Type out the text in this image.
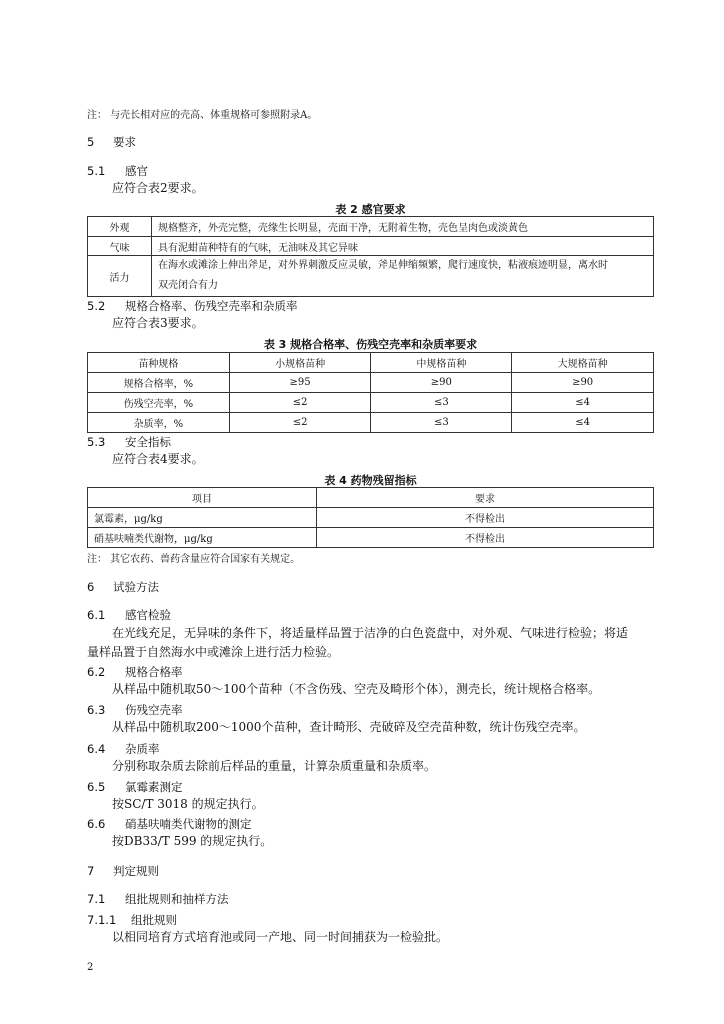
注： 与壳长相对应的壳高、体重规格可参照附录A。
5 要求
5.1 感官
应符合表2要求。
表 2 感官要求
外观	规格整齐，外壳完整，壳缘生长明显，壳面干净，无附着生物，壳色呈肉色或淡黄色
气味	具有泥蚶苗种特有的气味，无油味及其它异味
活力	在海水或滩涂上伸出斧足，对外界刺激反应灵敏，斧足伸缩频繁，爬行速度快，粘液痕迹明显，离水时
双壳闭合有力
5.2 规格合格率、伤残空壳率和杂质率
应符合表3要求。
表 3 规格合格率、伤残空壳率和杂质率要求
苗种规格	小规格苗种	中规格苗种	大规格苗种
规格合格率，%	≥95	≥90	≥90
伤残空壳率，%	≤2	≤3	≤4
杂质率，%	≤2	≤3	≤4
5.3 安全指标
应符合表4要求。
表 4 药物残留指标
项目	要求
氯霉素，μg/kg	不得检出
硝基呋喃类代谢物，μg/kg	不得检出
注： 其它农药、兽药含量应符合国家有关规定。
6 试验方法
6.1 感官检验
在光线充足，无异味的条件下，将适量样品置于洁净的白色瓷盘中，对外观、气味进行检验；将适
量样品置于自然海水中或滩涂上进行活力检验。
6.2 规格合格率
从样品中随机取50～100个苗种（不含伤残、空壳及畸形个体），测壳长，统计规格合格率。
6.3 伤残空壳率
从样品中随机取200～1000个苗种，查计畸形、壳破碎及空壳苗种数，统计伤残空壳率。
6.4 杂质率
分别称取杂质去除前后样品的重量，计算杂质重量和杂质率。
6.5 氯霉素测定
按SC/T 3018 的规定执行。
6.6 硝基呋喃类代谢物的测定
按DB33/T 599 的规定执行。
7 判定规则
7.1 组批规则和抽样方法
7.1.1 组批规则
以相同培育方式培育池或同一产地、同一时间捕获为一检验批。
2
